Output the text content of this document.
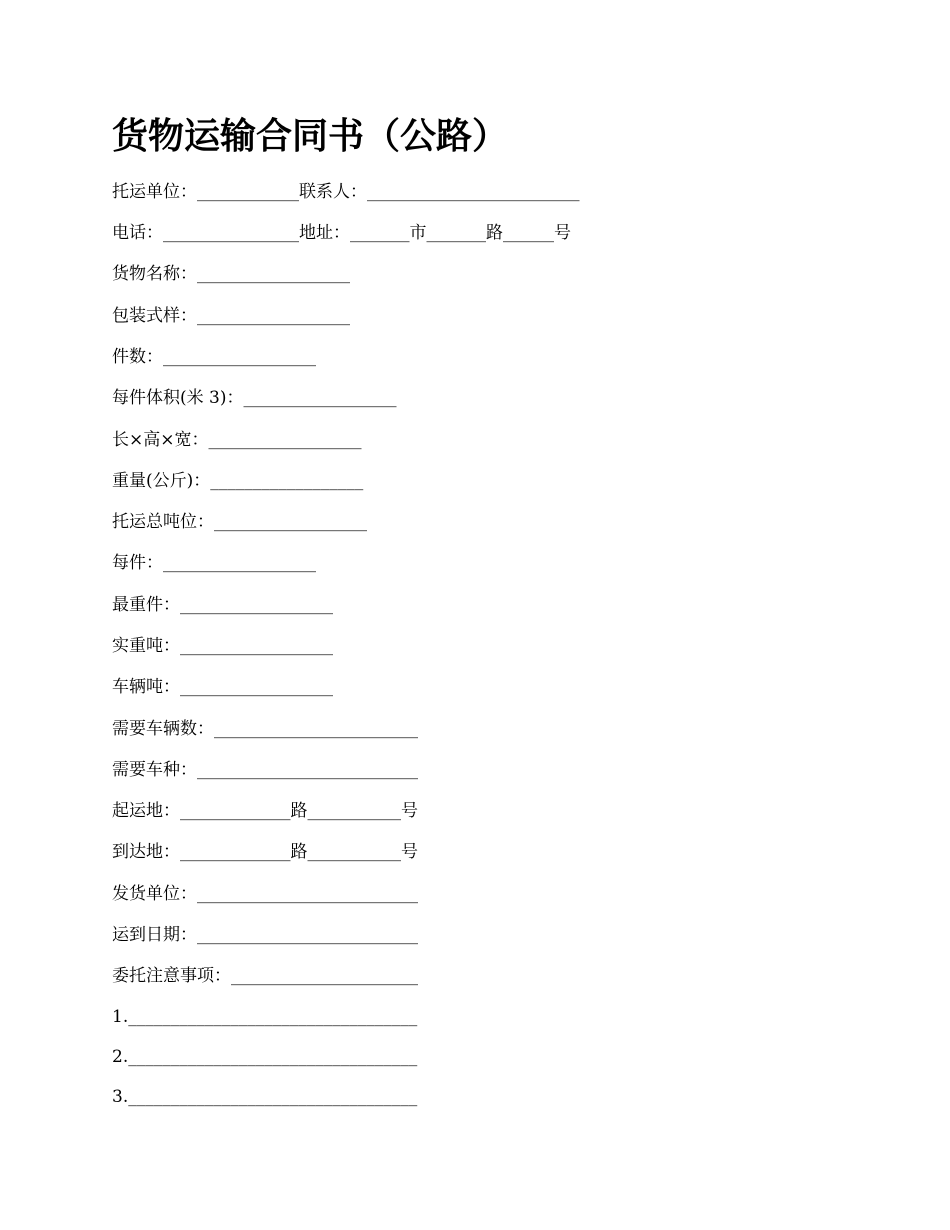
货物运输合同书（公路）

托运单位：____________联系人：_________________________

电话：________________地址：_______市_______路______号

货物名称：__________________

包装式样：__________________

件数：__________________

每件体积(米 3)：__________________

长×高×宽：__________________

重量(公斤)：__________________

托运总吨位：__________________

每件：__________________

最重件：__________________

实重吨：__________________

车辆吨：__________________

需要车辆数：________________________

需要车种：__________________________

起运地：_____________路___________号

到达地：_____________路___________号

发货单位：__________________________

运到日期：__________________________

委托注意事项：______________________

1.__________________________________

2.__________________________________

3.__________________________________
